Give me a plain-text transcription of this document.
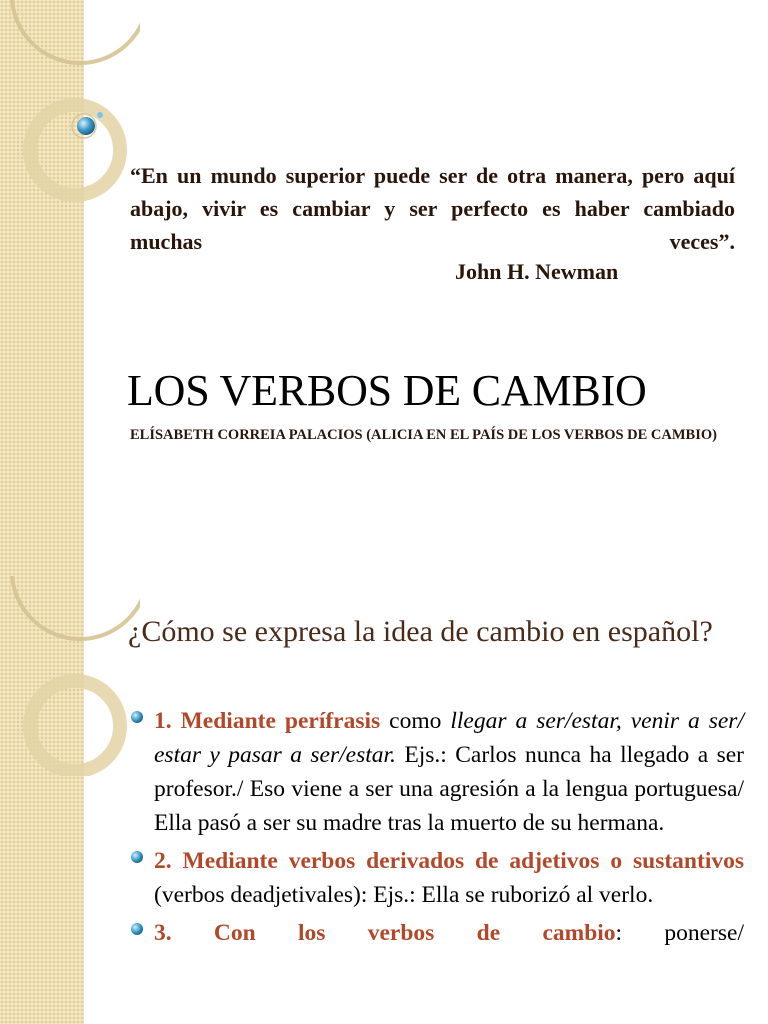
“En un mundo superior puede ser de otra manera, pero aquí abajo, vivir es cambiar y ser perfecto es haber cambiado muchas veces”.
John H. Newman
LOS VERBOS DE CAMBIO
ELÍSABETH CORREIA PALACIOS (ALICIA EN EL PAÍS DE LOS VERBOS DE CAMBIO)
¿Cómo se expresa la idea de cambio en español?
1. Mediante perífrasis como llegar a ser/estar, venir a ser/ estar y pasar a ser/estar. Ejs.: Carlos nunca ha llegado a ser profesor./ Eso viene a ser una agresión a la lengua portuguesa/ Ella pasó a ser su madre tras la muerto de su hermana.
2. Mediante verbos derivados de adjetivos o sustantivos (verbos deadjetivales): Ejs.: Ella se ruborizó al verlo.
3. Con los verbos de cambio: ponerse/
